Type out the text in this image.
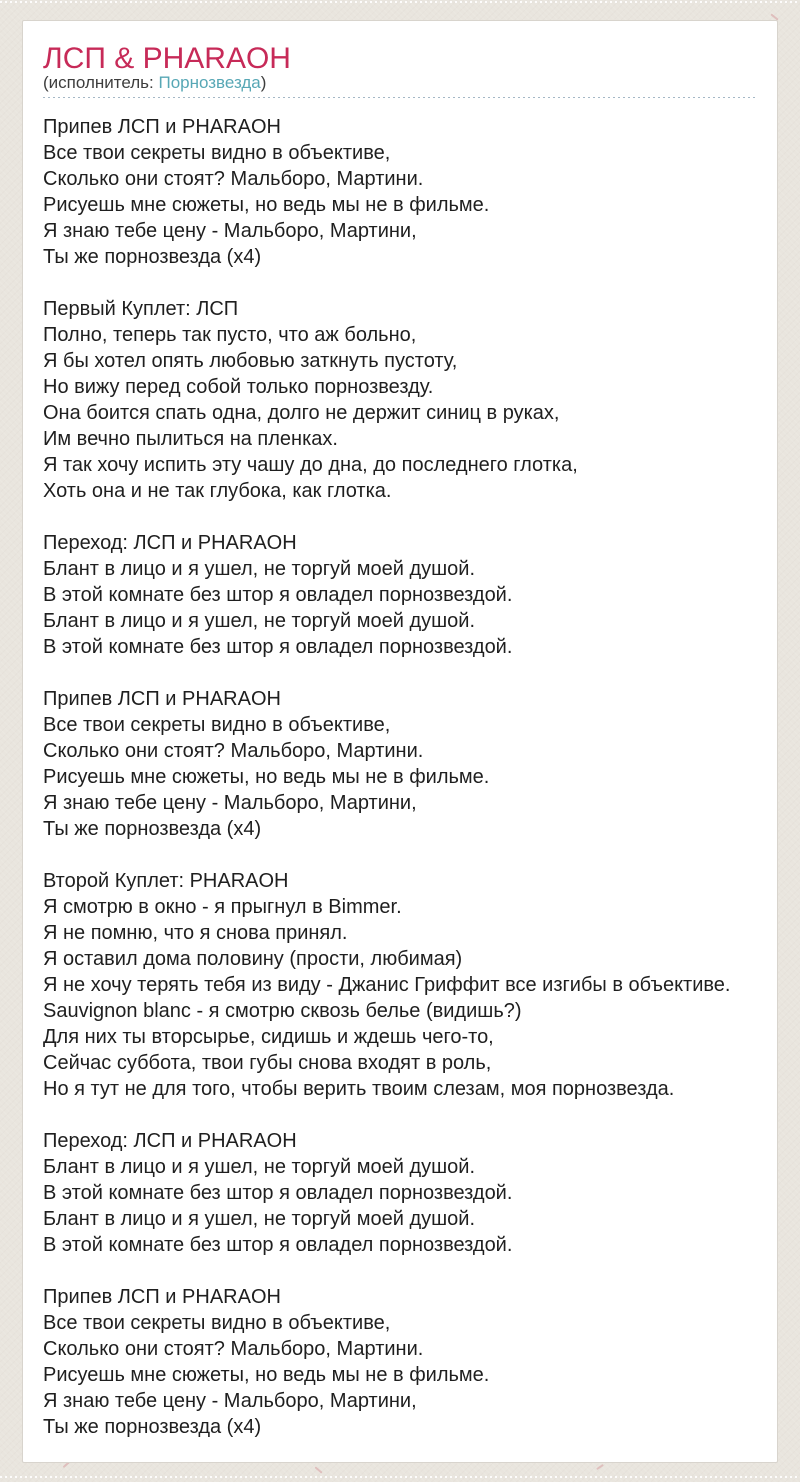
ЛСП & PHARAOH

(исполнитель: Порнозвезда)

Припев ЛСП и PHARAOH
Все твои секреты видно в объективе,
Сколько они стоят? Мальборо, Мартини.
Рисуешь мне сюжеты, но ведь мы не в фильме.
Я знаю тебе цену - Мальборо, Мартини,
Ты же порнозвезда (х4)

Первый Куплет: ЛСП
Полно, теперь так пусто, что аж больно,
Я бы хотел опять любовью заткнуть пустоту,
Но вижу перед собой только порнозвезду.
Она боится спать одна, долго не держит синиц в руках,
Им вечно пылиться на пленках.
Я так хочу испить эту чашу до дна, до последнего глотка,
Хоть она и не так глубока, как глотка.

Переход: ЛСП и PHARAOH
Блант в лицо и я ушел, не торгуй моей душой.
В этой комнате без штор я овладел порнозвездой.
Блант в лицо и я ушел, не торгуй моей душой.
В этой комнате без штор я овладел порнозвездой.

Припев ЛСП и PHARAOH
Все твои секреты видно в объективе,
Сколько они стоят? Мальборо, Мартини.
Рисуешь мне сюжеты, но ведь мы не в фильме.
Я знаю тебе цену - Мальборо, Мартини,
Ты же порнозвезда (х4)

Второй Куплет: PHARAOH
Я смотрю в окно - я прыгнул в Bimmer.
Я не помню, что я снова принял.
Я оставил дома половину (прости, любимая)
Я не хочу терять тебя из виду - Джанис Гриффит все изгибы в объективе.
Sauvignon blanc - я смотрю сквозь белье (видишь?)
Для них ты вторсырье, сидишь и ждешь чего-то,
Сейчас суббота, твои губы снова входят в роль,
Но я тут не для того, чтобы верить твоим слезам, моя порнозвезда.

Переход: ЛСП и PHARAOH
Блант в лицо и я ушел, не торгуй моей душой.
В этой комнате без штор я овладел порнозвездой.
Блант в лицо и я ушел, не торгуй моей душой.
В этой комнате без штор я овладел порнозвездой.

Припев ЛСП и PHARAOH
Все твои секреты видно в объективе,
Сколько они стоят? Мальборо, Мартини.
Рисуешь мне сюжеты, но ведь мы не в фильме.
Я знаю тебе цену - Мальборо, Мартини,
Ты же порнозвезда (х4)
